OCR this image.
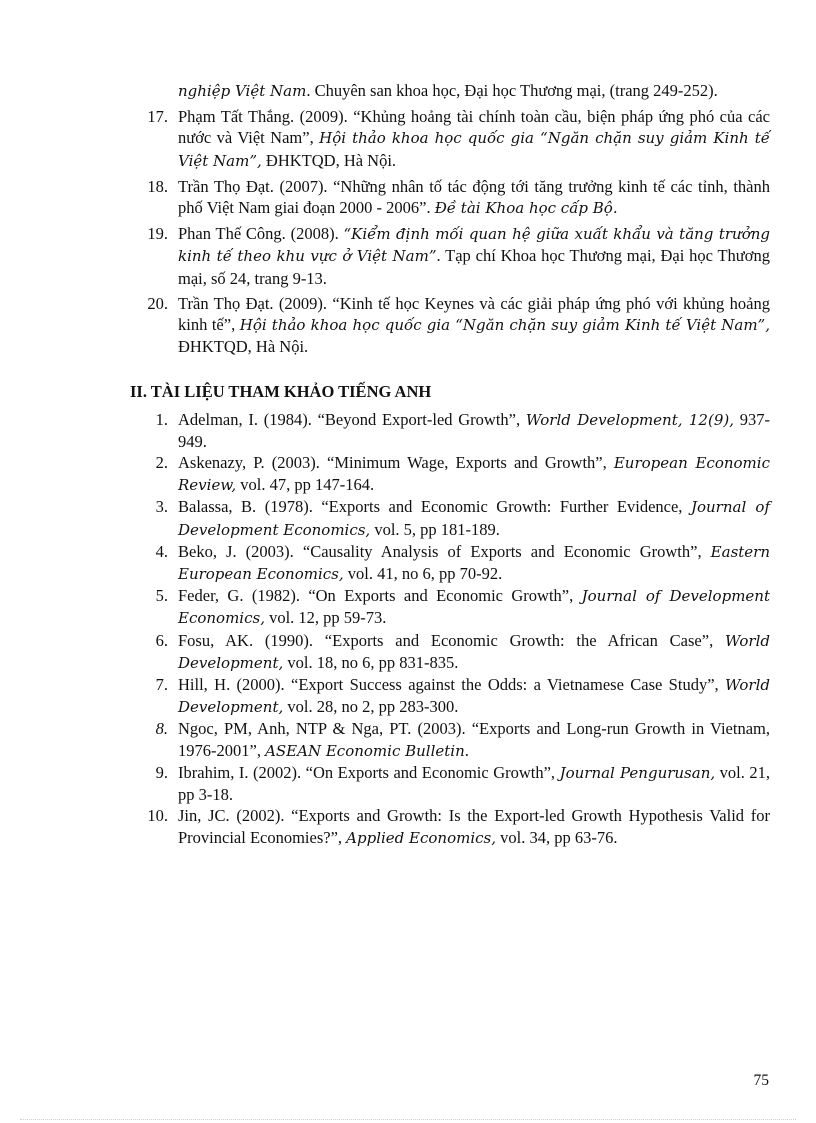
nghiệp Việt Nam. Chuyên san khoa học, Đại học Thương mại, (trang 249-252).
17. Phạm Tất Thắng. (2009). “Khủng hoảng tài chính toàn cầu, biện pháp ứng phó của các nước và Việt Nam”, Hội thảo khoa học quốc gia “Ngăn chặn suy giảm Kinh tế Việt Nam”, ĐHKTQD, Hà Nội.
18. Trần Thọ Đạt. (2007). “Những nhân tố tác động tới tăng trưởng kinh tế các tỉnh, thành phố Việt Nam giai đoạn 2000 - 2006”. Đề tài Khoa học cấp Bộ.
19. Phan Thế Công. (2008). “Kiểm định mối quan hệ giữa xuất khẩu và tăng trưởng kinh tế theo khu vực ở Việt Nam”. Tạp chí Khoa học Thương mại, Đại học Thương mại, số 24, trang 9-13.
20. Trần Thọ Đạt. (2009). “Kinh tế học Keynes và các giải pháp ứng phó với khủng hoảng kinh tế”, Hội thảo khoa học quốc gia “Ngăn chặn suy giảm Kinh tế Việt Nam”, ĐHKTQD, Hà Nội.
II. TÀI LIỆU THAM KHẢO TIẾNG ANH
1. Adelman, I. (1984). “Beyond Export-led Growth”, World Development, 12(9), 937-949.
2. Askenazy, P. (2003). “Minimum Wage, Exports and Growth”, European Economic Review, vol. 47, pp 147-164.
3. Balassa, B. (1978). “Exports and Economic Growth: Further Evidence, Journal of Development Economics, vol. 5, pp 181-189.
4. Beko, J. (2003). “Causality Analysis of Exports and Economic Growth”, Eastern European Economics, vol. 41, no 6, pp 70-92.
5. Feder, G. (1982). “On Exports and Economic Growth”, Journal of Development Economics, vol. 12, pp 59-73.
6. Fosu, AK. (1990). “Exports and Economic Growth: the African Case”, World Development, vol. 18, no 6, pp 831-835.
7. Hill, H. (2000). “Export Success against the Odds: a Vietnamese Case Study”, World Development, vol. 28, no 2, pp 283-300.
8. Ngoc, PM, Anh, NTP & Nga, PT. (2003). “Exports and Long-run Growth in Vietnam, 1976-2001”, ASEAN Economic Bulletin.
9. Ibrahim, I. (2002). “On Exports and Economic Growth”, Journal Pengurusan, vol. 21, pp 3-18.
10. Jin, JC. (2002). “Exports and Growth: Is the Export-led Growth Hypothesis Valid for Provincial Economies?”, Applied Economics, vol. 34, pp 63-76.
75
